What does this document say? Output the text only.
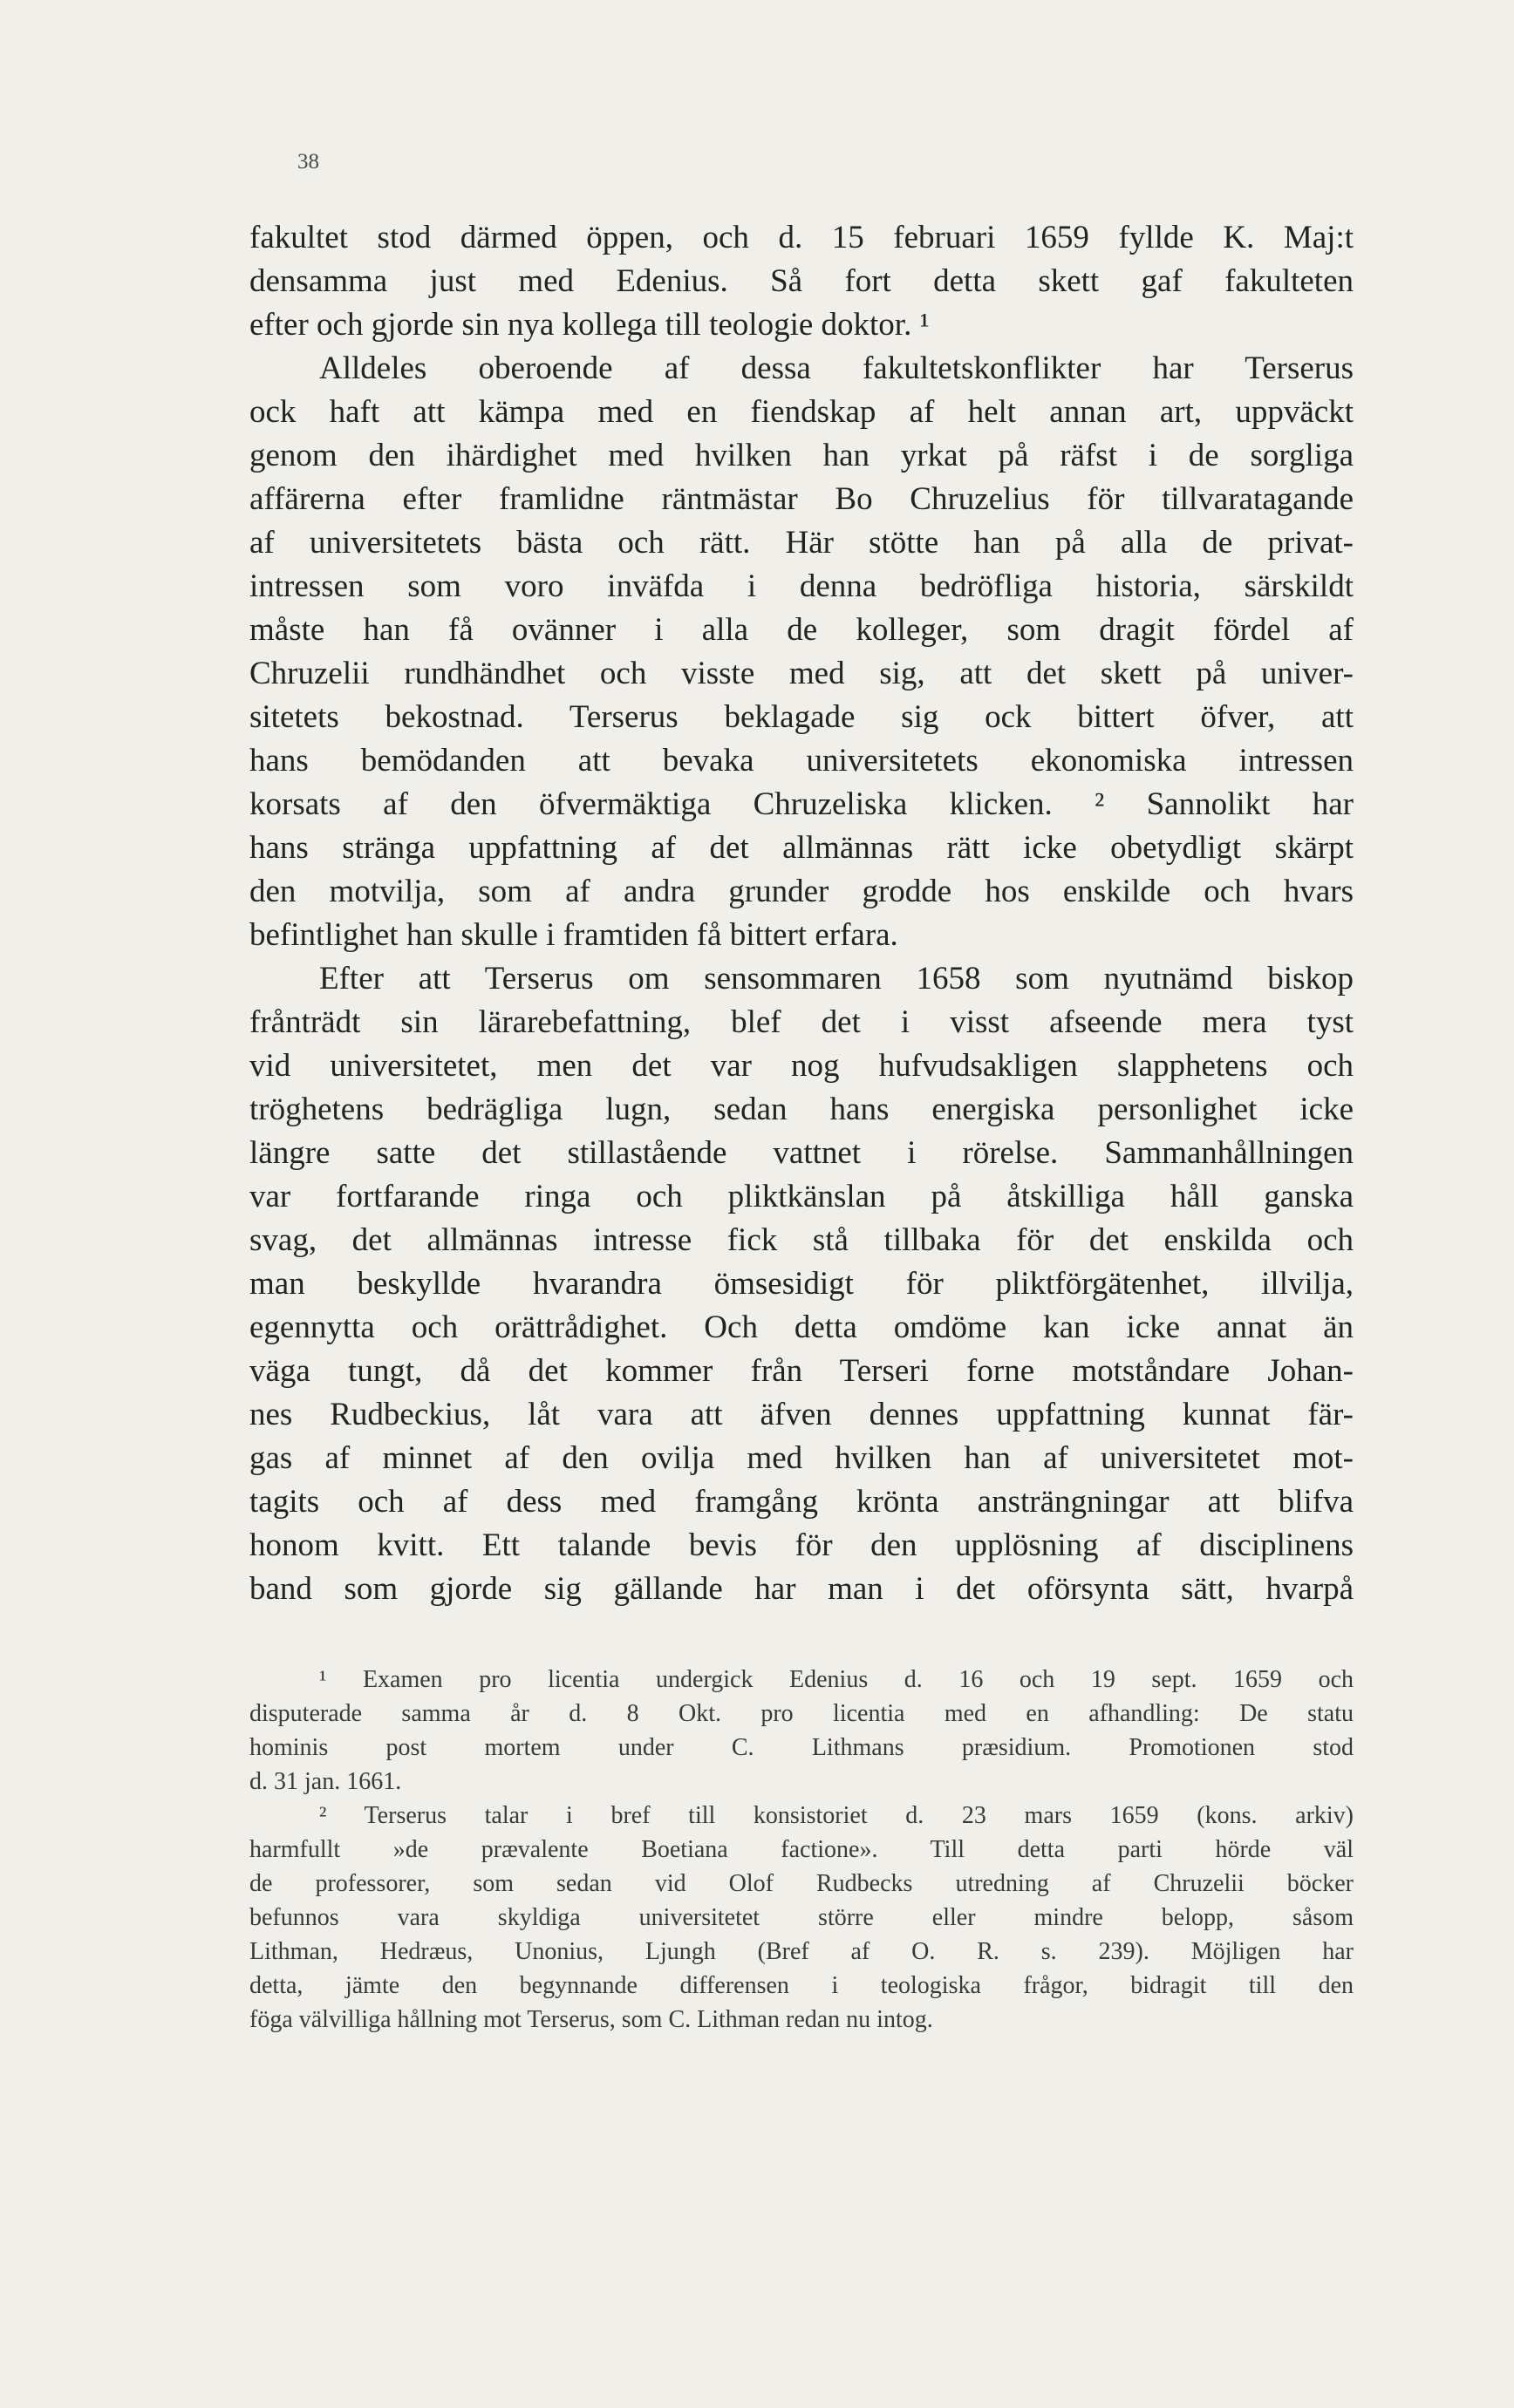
38
fakultet stod därmed öppen, och d. 15 februari 1659 fyllde K. Maj:t
densamma just med Edenius. Så fort detta skett gaf fakulteten
efter och gjorde sin nya kollega till teologie doktor. ¹
Alldeles oberoende af dessa fakultetskonflikter har Terserus
ock haft att kämpa med en fiendskap af helt annan art, uppväckt
genom den ihärdighet med hvilken han yrkat på räfst i de sorgliga
affärerna efter framlidne räntmästar Bo Chruzelius för tillvaratagande
af universitetets bästa och rätt. Här stötte han på alla de privat-
intressen som voro inväfda i denna bedröfliga historia, särskildt
måste han få ovänner i alla de kolleger, som dragit fördel af
Chruzelii rundhändhet och visste med sig, att det skett på univer-
sitetets bekostnad. Terserus beklagade sig ock bittert öfver, att
hans bemödanden att bevaka universitetets ekonomiska intressen
korsats af den öfvermäktiga Chruzeliska klicken. ² Sannolikt har
hans stränga uppfattning af det allmännas rätt icke obetydligt skärpt
den motvilja, som af andra grunder grodde hos enskilde och hvars
befintlighet han skulle i framtiden få bittert erfara.
Efter att Terserus om sensommaren 1658 som nyutnämd biskop
frånträdt sin lärarebefattning, blef det i visst afseende mera tyst
vid universitetet, men det var nog hufvudsakligen slapphetens och
tröghetens bedrägliga lugn, sedan hans energiska personlighet icke
längre satte det stillastående vattnet i rörelse. Sammanhållningen
var fortfarande ringa och pliktkänslan på åtskilliga håll ganska
svag, det allmännas intresse fick stå tillbaka för det enskilda och
man beskyllde hvarandra ömsesidigt för pliktförgätenhet, illvilja,
egennytta och orättrådighet. Och detta omdöme kan icke annat än
väga tungt, då det kommer från Terseri forne motståndare Johan-
nes Rudbeckius, låt vara att äfven dennes uppfattning kunnat fär-
gas af minnet af den ovilja med hvilken han af universitetet mot-
tagits och af dess med framgång krönta ansträngningar att blifva
honom kvitt. Ett talande bevis för den upplösning af disciplinens
band som gjorde sig gällande har man i det oförsynta sätt, hvarpå
¹ Examen pro licentia undergick Edenius d. 16 och 19 sept. 1659 och
disputerade samma år d. 8 Okt. pro licentia med en afhandling: De statu
hominis post mortem under C. Lithmans præsidium. Promotionen stod
d. 31 jan. 1661.
² Terserus talar i bref till konsistoriet d. 23 mars 1659 (kons. arkiv)
harmfullt »de prævalente Boetiana factione». Till detta parti hörde väl
de professorer, som sedan vid Olof Rudbecks utredning af Chruzelii böcker
befunnos vara skyldiga universitetet större eller mindre belopp, såsom
Lithman, Hedræus, Unonius, Ljungh (Bref af O. R. s. 239). Möjligen har
detta, jämte den begynnande differensen i teologiska frågor, bidragit till den
föga välvilliga hållning mot Terserus, som C. Lithman redan nu intog.
